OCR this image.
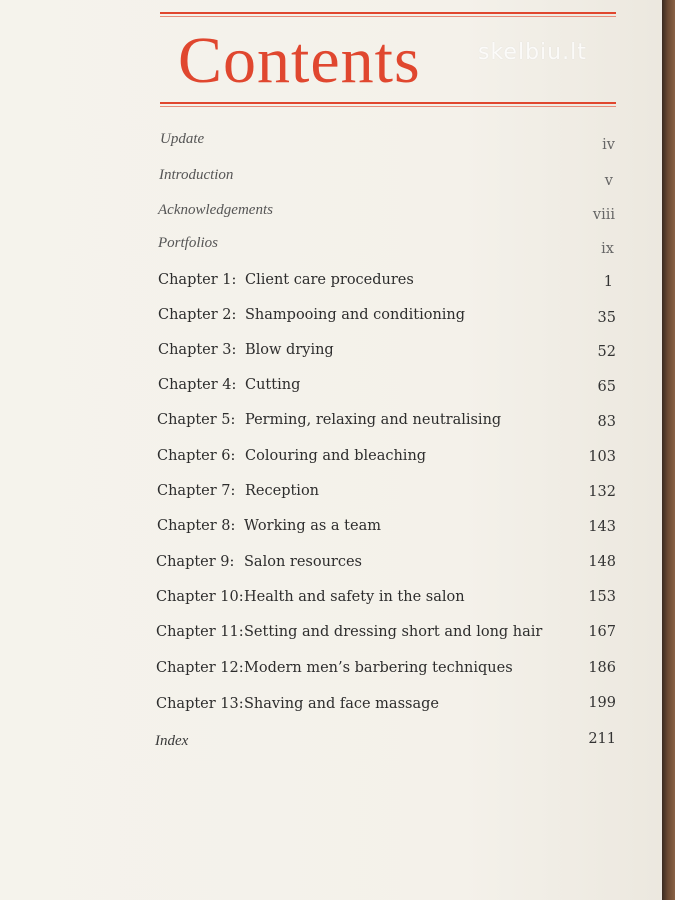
Contents	skelbiu.lt
Update	iv
Introduction	v
Acknowledgements	viii
Portfolios	ix
Chapter 1: Client care procedures	1
Chapter 2: Shampooing and conditioning	35
Chapter 3: Blow drying	52
Chapter 4: Cutting	65
Chapter 5: Perming, relaxing and neutralising	83
Chapter 6: Colouring and bleaching	103
Chapter 7: Reception	132
Chapter 8: Working as a team	143
Chapter 9: Salon resources	148
Chapter 10: Health and safety in the salon	153
Chapter 11: Setting and dressing short and long hair	167
Chapter 12: Modern men’s barbering techniques	186
Chapter 13: Shaving and face massage	199
Index	211
